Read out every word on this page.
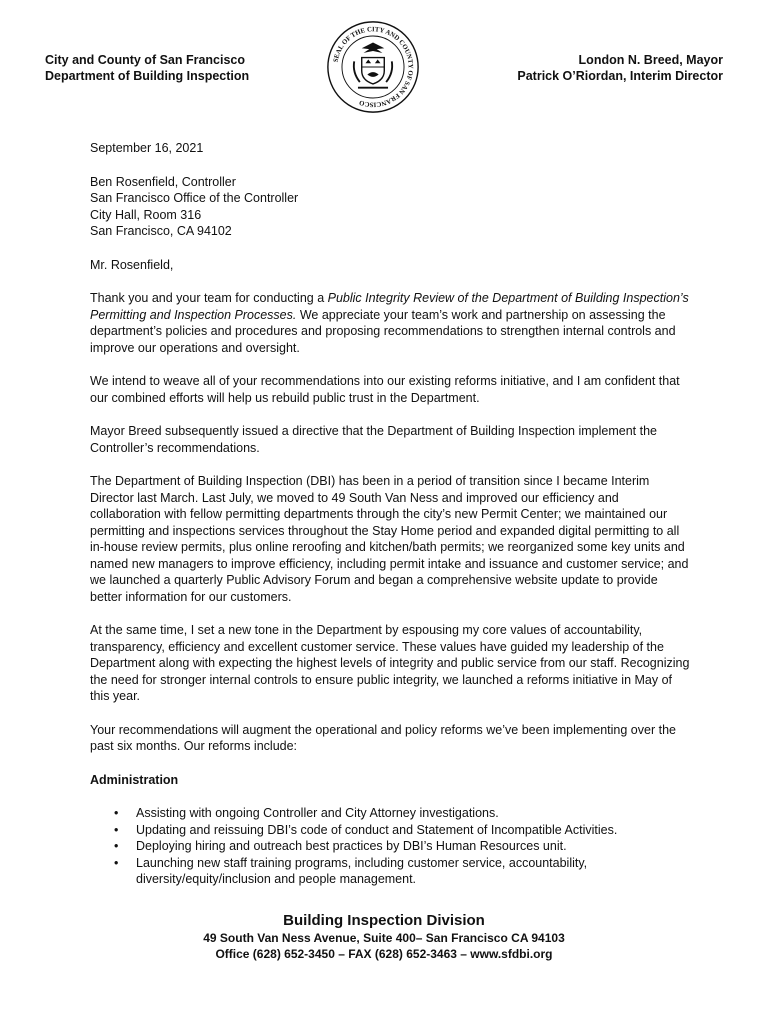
City and County of San Francisco
Department of Building Inspection
SEAL OF THE CITY AND COUNTY OF SAN FRANCISCO
London N. Breed, Mayor
Patrick O’Riordan, Interim Director

September 16, 2021

Ben Rosenfield, Controller

San Francisco Office of the Controller

City Hall, Room 316

San Francisco, CA 94102

Mr. Rosenfield,

Thank you and your team for conducting a Public Integrity Review of the Department of Building Inspection’s Permitting and Inspection Processes. We appreciate your team’s work and partnership on assessing the department’s policies and procedures and proposing recommendations to strengthen internal controls and improve our operations and oversight.

We intend to weave all of your recommendations into our existing reforms initiative, and I am confident that our combined efforts will help us rebuild public trust in the Department.

Mayor Breed subsequently issued a directive that the Department of Building Inspection implement the Controller’s recommendations.

The Department of Building Inspection (DBI) has been in a period of transition since I became Interim Director last March. Last July, we moved to 49 South Van Ness and improved our efficiency and collaboration with fellow permitting departments through the city’s new Permit Center; we maintained our permitting and inspections services throughout the Stay Home period and expanded digital permitting to all in-house review permits, plus online reroofing and kitchen/bath permits; we reorganized some key units and named new managers to improve efficiency, including permit intake and issuance and customer service; and we launched a quarterly Public Advisory Forum and began a comprehensive website update to provide better information for our customers.

At the same time, I set a new tone in the Department by espousing my core values of accountability, transparency, efficiency and excellent customer service. These values have guided my leadership of the Department along with expecting the highest levels of integrity and public service from our staff. Recognizing the need for stronger internal controls to ensure public integrity, we launched a reforms initiative in May of this year.

Your recommendations will augment the operational and policy reforms we’ve been implementing over the past six months. Our reforms include:

Administration

• Assisting with ongoing Controller and City Attorney investigations.
• Updating and reissuing DBI’s code of conduct and Statement of Incompatible Activities.
• Deploying hiring and outreach best practices by DBI’s Human Resources unit.
• Launching new staff training programs, including customer service, accountability, diversity/equity/inclusion and people management.
Building Inspection Division
49 South Van Ness Avenue, Suite 400– San Francisco CA 94103
Office (628) 652-3450 – FAX (628) 652-3463 – www.sfdbi.org
